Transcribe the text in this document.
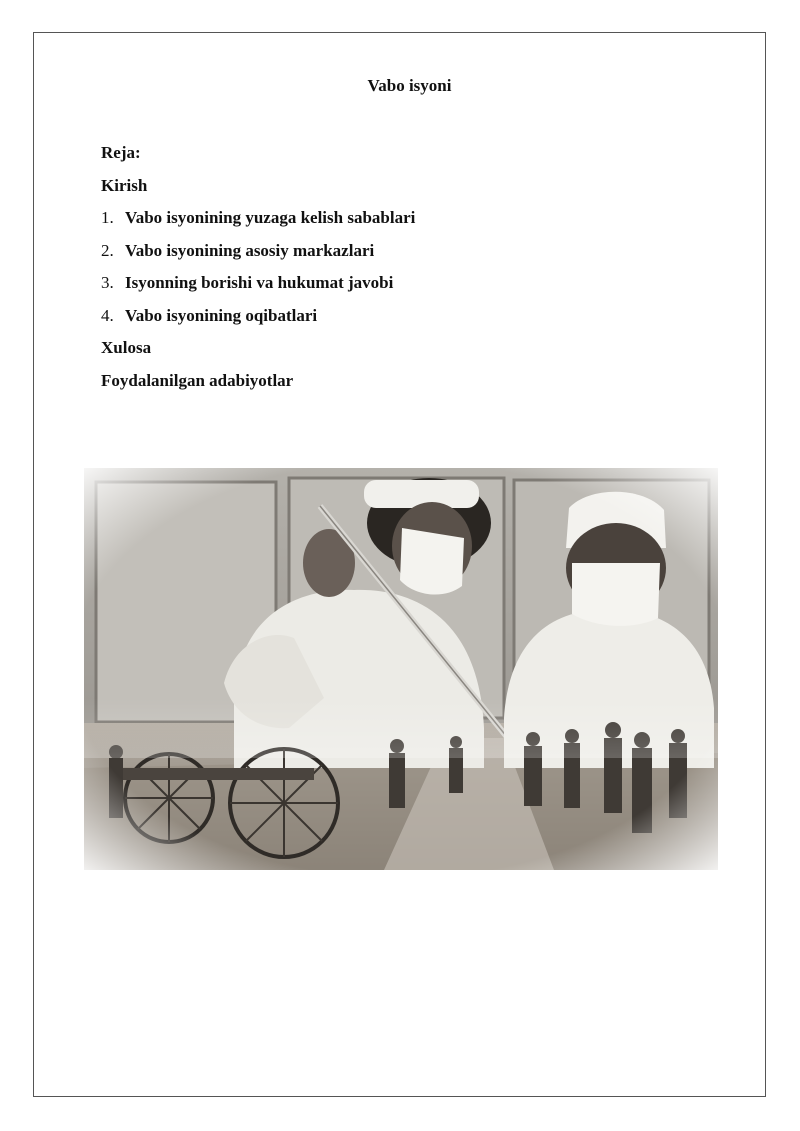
Vabo isyoni
Reja:
Kirish
1. Vabo isyonining yuzaga kelish sabablari
2. Vabo isyonining asosiy markazlari
3. Isyonning borishi va hukumat javobi
4. Vabo isyonining oqibatlari
Xulosa
Foydalanilgan adabiyotlar
